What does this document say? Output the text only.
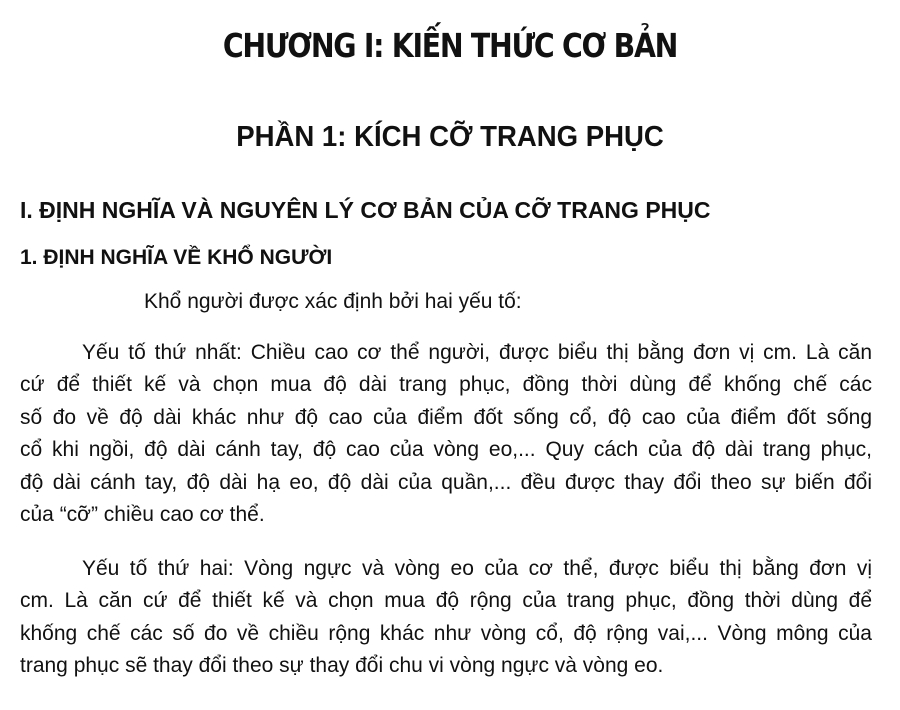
CHƯƠNG I: KIẾN THỨC CƠ BẢN
PHẦN 1: KÍCH CỠ TRANG PHỤC
I. ĐỊNH NGHĨA VÀ NGUYÊN LÝ CƠ BẢN CỦA CỠ TRANG PHỤC
1. ĐỊNH NGHĨA VỀ KHỔ NGƯỜI
Khổ người được xác định bởi hai yếu tố:
Yếu tố thứ nhất: Chiều cao cơ thể người, được biểu thị bằng đơn vị cm. Là căn
cứ để thiết kế và chọn mua độ dài trang phục, đồng thời dùng để khống chế các
số đo về độ dài khác như độ cao của điểm đốt sống cổ, độ cao của điểm đốt sống
cổ khi ngồi, độ dài cánh tay, độ cao của vòng eo,... Quy cách của độ dài trang phục,
độ dài cánh tay, độ dài hạ eo, độ dài của quần,... đều được thay đổi theo sự biến đổi
của “cỡ” chiều cao cơ thể.
Yếu tố thứ hai: Vòng ngực và vòng eo của cơ thể, được biểu thị bằng đơn vị
cm. Là căn cứ để thiết kế và chọn mua độ rộng của trang phục, đồng thời dùng để
khống chế các số đo về chiều rộng khác như vòng cổ, độ rộng vai,... Vòng mông của
trang phục sẽ thay đổi theo sự thay đổi chu vi vòng ngực và vòng eo.
